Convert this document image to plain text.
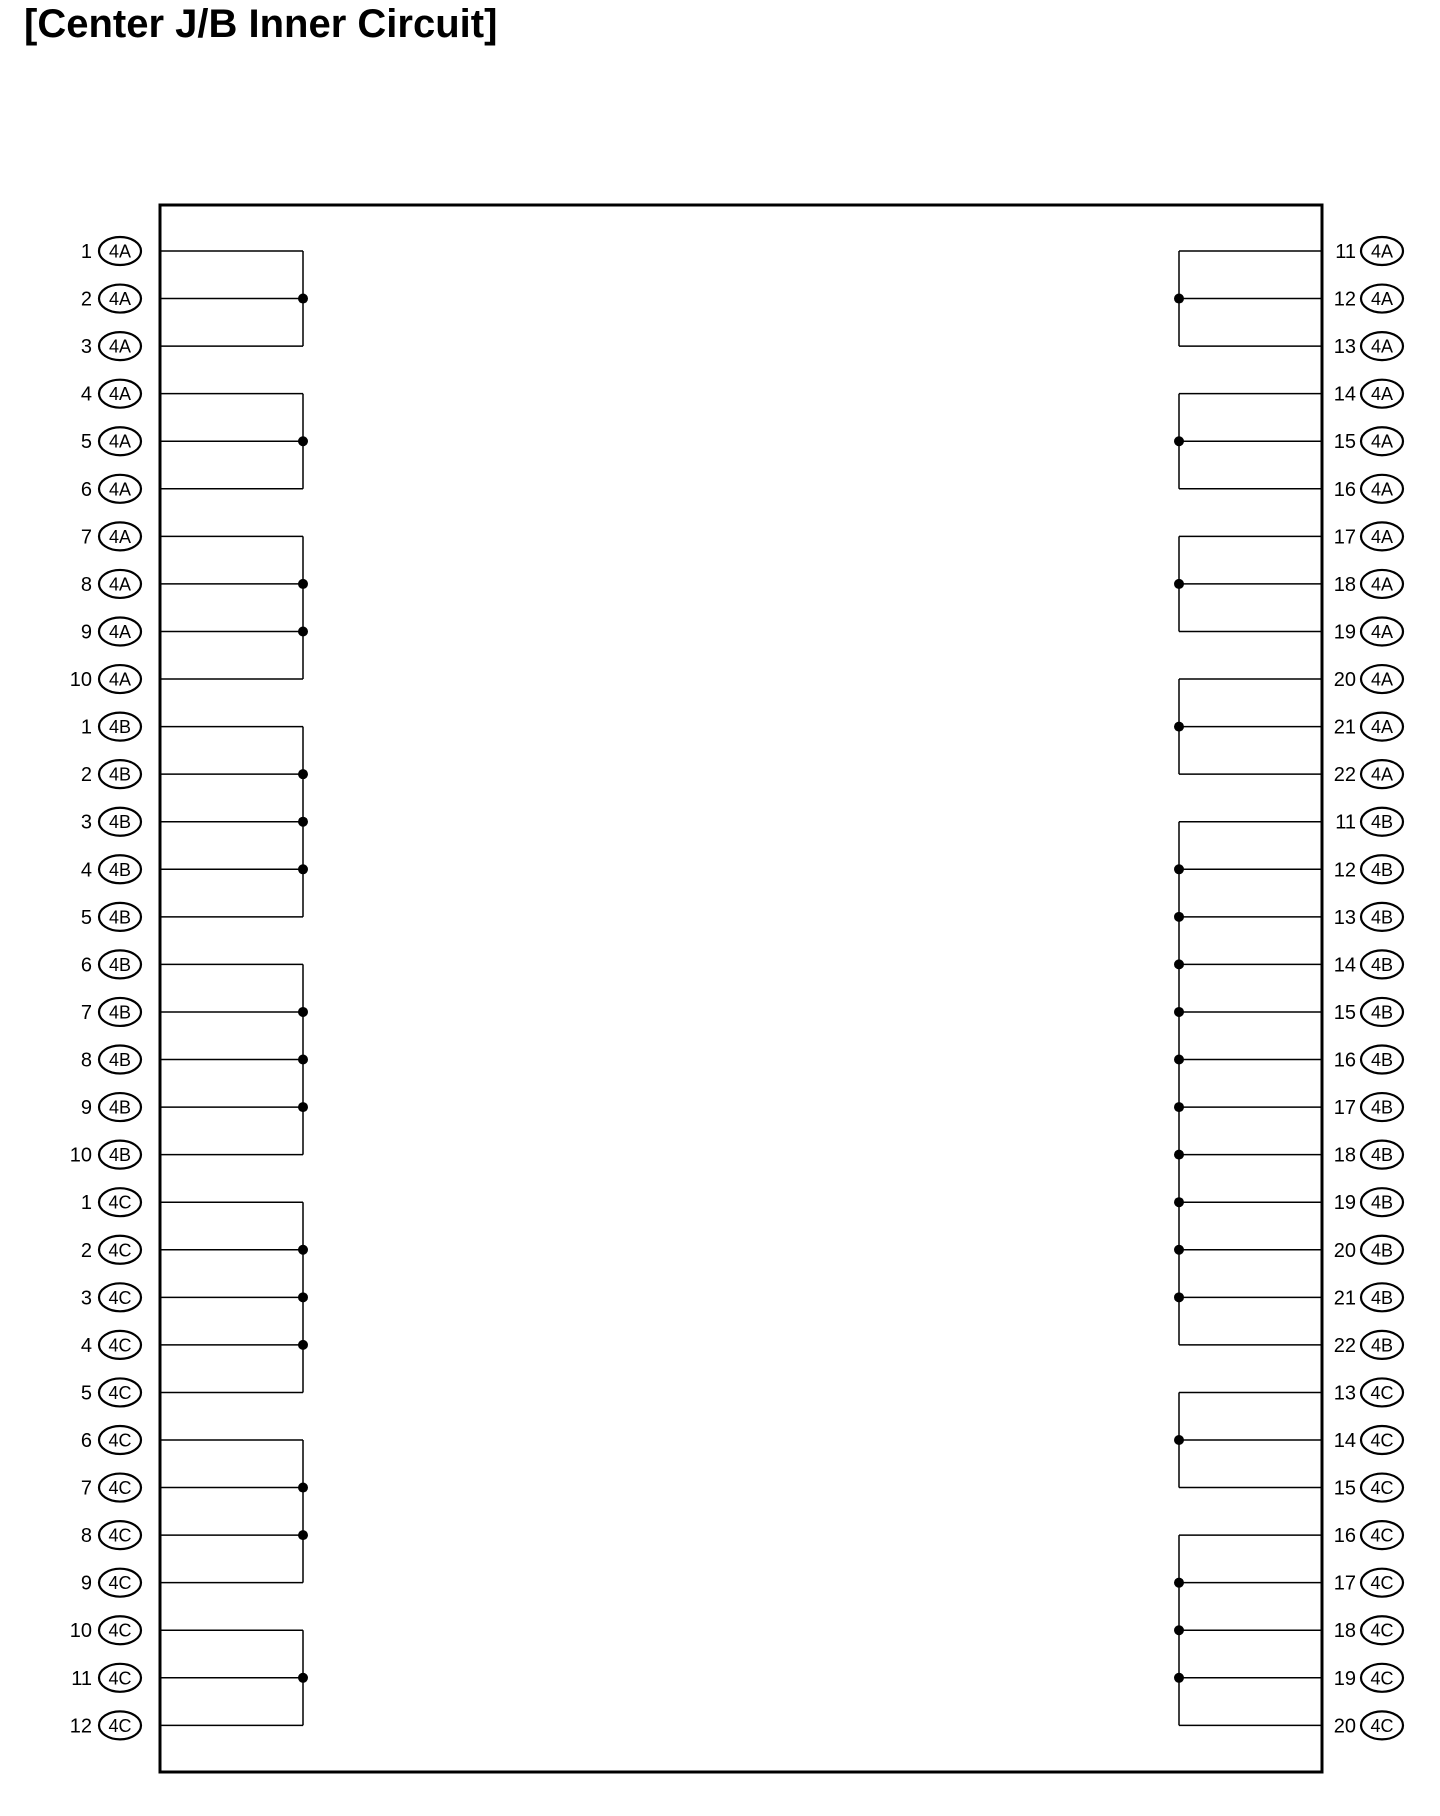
[Center J/B Inner Circuit]
1 4A
2 4A
3 4A
4 4A
5 4A
6 4A
7 4A
8 4A
9 4A
10 4A
1 4B
2 4B
3 4B
4 4B
5 4B
6 4B
7 4B
8 4B
9 4B
10 4B
1 4C
2 4C
3 4C
4 4C
5 4C
6 4C
7 4C
8 4C
9 4C
10 4C
11 4C
12 4C
11 4A
12 4A
13 4A
14 4A
15 4A
16 4A
17 4A
18 4A
19 4A
20 4A
21 4A
22 4A
11 4B
12 4B
13 4B
14 4B
15 4B
16 4B
17 4B
18 4B
19 4B
20 4B
21 4B
22 4B
13 4C
14 4C
15 4C
16 4C
17 4C
18 4C
19 4C
20 4C
